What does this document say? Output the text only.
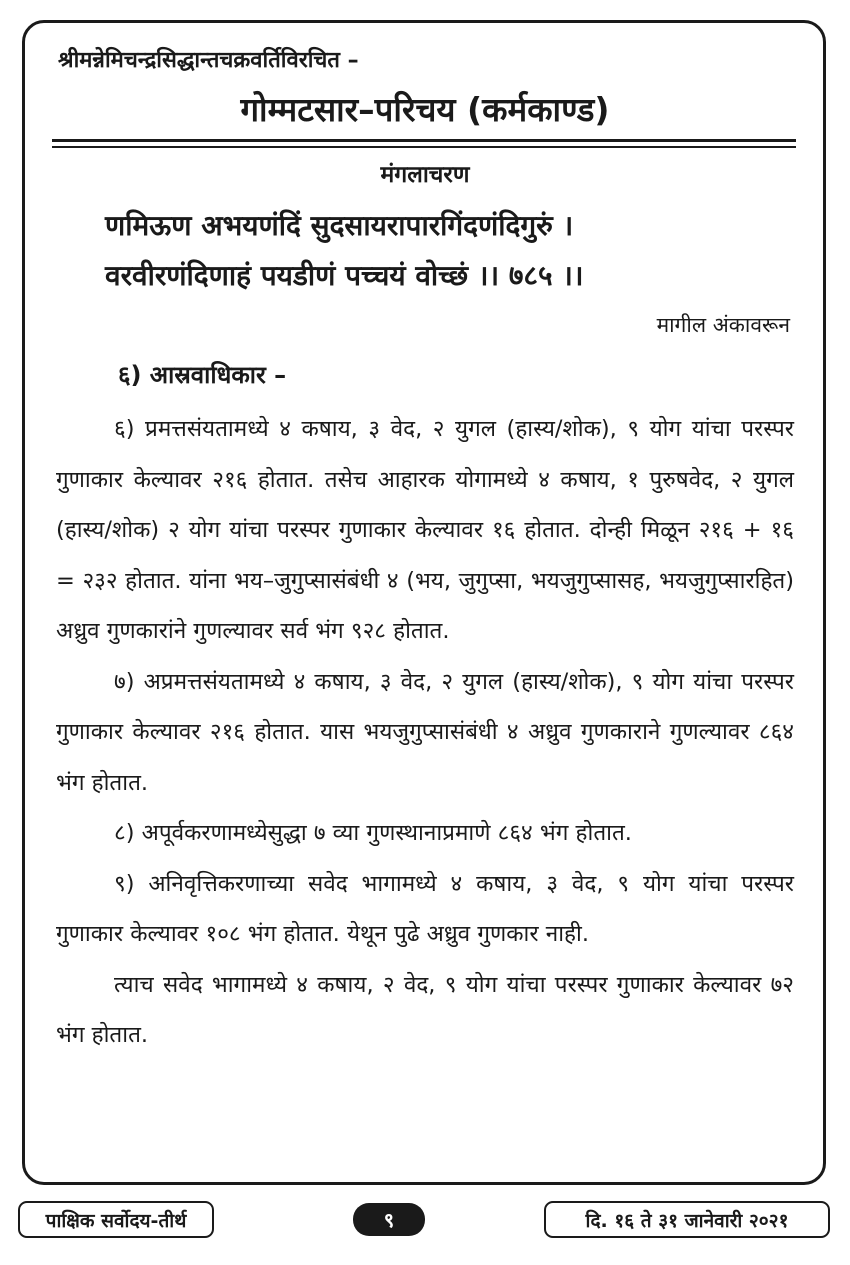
श्रीमन्नेमिचन्द्रसिद्धान्तचक्रवर्तिविरचित –
गोम्मटसार–परिचय (कर्मकाण्ड)
मंगलाचरण
णमिऊण अभयणंदिं सुदसायरापारगिंदणंदिगुरुं ।
वरवीरणंदिणाहं पयडीणं पच्चयं वोच्छं ।। ७८५ ।।
मागील अंकावरून
६) आस्रवाधिकार –

६) प्रमत्तसंयतामध्ये ४ कषाय, ३ वेद, २ युगल (हास्य/शोक), ९ योग यांचा परस्पर गुणाकार केल्यावर २१६ होतात. तसेच आहारक योगामध्ये ४ कषाय, १ पुरुषवेद, २ युगल (हास्य/शोक) २ योग यांचा परस्पर गुणाकार केल्यावर १६ होतात. दोन्ही मिळून २१६ + १६ = २३२ होतात. यांना भय–जुगुप्सासंबंधी ४ (भय, जुगुप्सा, भयजुगुप्सासह, भयजुगुप्सारहित) अध्रुव गुणकारांने गुणल्यावर सर्व भंग ९२८ होतात.

७) अप्रमत्तसंयतामध्ये ४ कषाय, ३ वेद, २ युगल (हास्य/शोक), ९ योग यांचा परस्पर गुणाकार केल्यावर २१६ होतात. यास भयजुगुप्सासंबंधी ४ अध्रुव गुणकाराने गुणल्यावर ८६४ भंग होतात.

८) अपूर्वकरणामध्येसुद्धा ७ व्या गुणस्थानाप्रमाणे ८६४ भंग होतात.

९) अनिवृत्तिकरणाच्या सवेद भागामध्ये ४ कषाय, ३ वेद, ९ योग यांचा परस्पर गुणाकार केल्यावर १०८ भंग होतात. येथून पुढे अध्रुव गुणकार नाही.

त्याच सवेद भागामध्ये ४ कषाय, २ वेद, ९ योग यांचा परस्पर गुणाकार केल्यावर ७२ भंग होतात.

पाक्षिक सर्वोदय-तीर्थ	९	दि. १६ ते ३१ जानेवारी २०२१
